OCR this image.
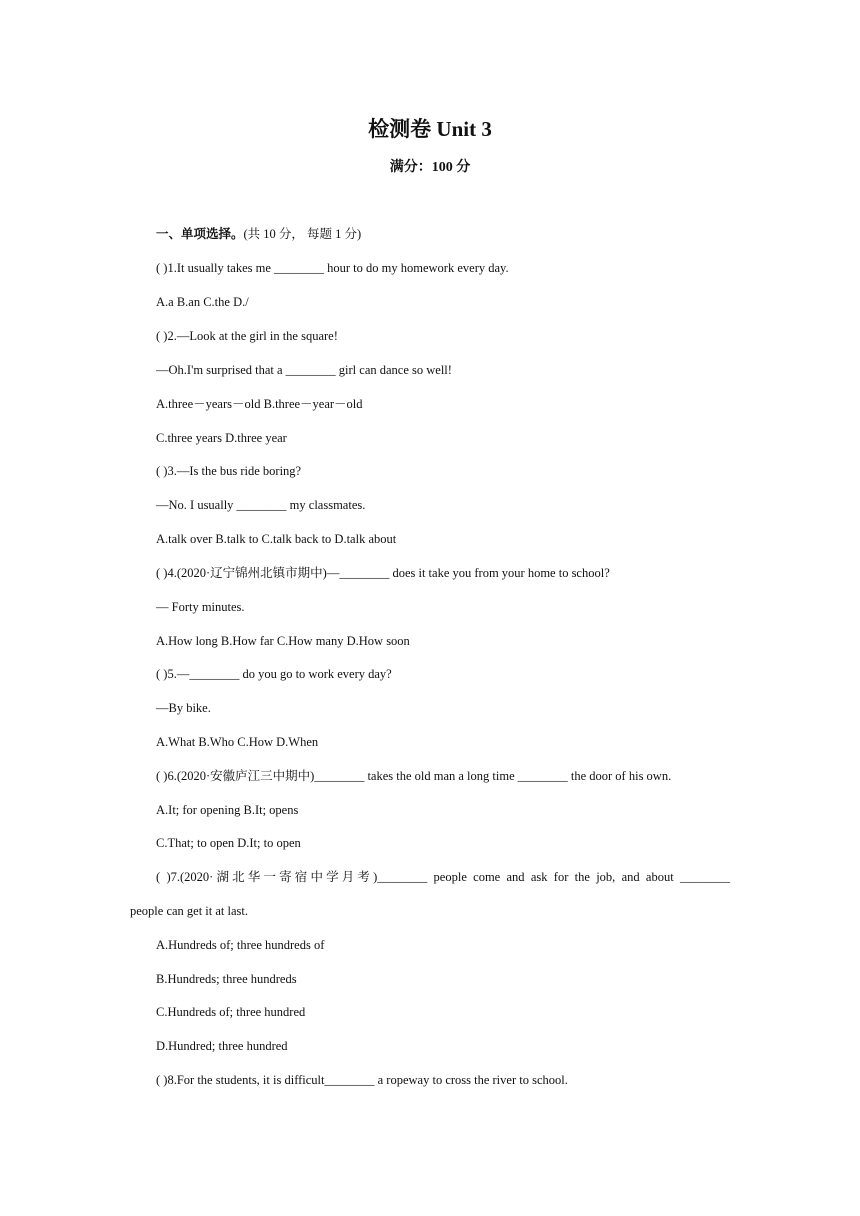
检测卷 Unit 3
满分：100 分
一、单项选择。(共 10 分， 每题 1 分)
( )1.It usually takes me ________ hour to do my homework every day.
A.a B.an C.the D./
( )2.—Look at the girl in the square!
—Oh.I'm surprised that a ________ girl can dance so well!
A.three－years－old B.three－year－old
C.three years D.three year
( )3.—Is the bus ride boring?
—No. I usually ________ my classmates.
A.talk over B.talk to C.talk back to D.talk about
( )4.(2020·辽宁锦州北镇市期中)—________ does it take you from your home to school?
— Forty minutes.
A.How long B.How far C.How many D.How soon
( )5.—________ do you go to work every day?
—By bike.
A.What B.Who C.How D.When
( )6.(2020·安徽庐江三中期中)________ takes the old man a long time ________ the door of his own.
A.It; for opening B.It; opens
C.That; to open D.It; to open
( )7.(2020·湖北华一寄宿中学月考)________ people come and ask for the job, and about ________
people can get it at last.
A.Hundreds of; three hundreds of
B.Hundreds; three hundreds
C.Hundreds of; three hundred
D.Hundred; three hundred
( )8.For the students, it is difficult________ a ropeway to cross the river to school.
